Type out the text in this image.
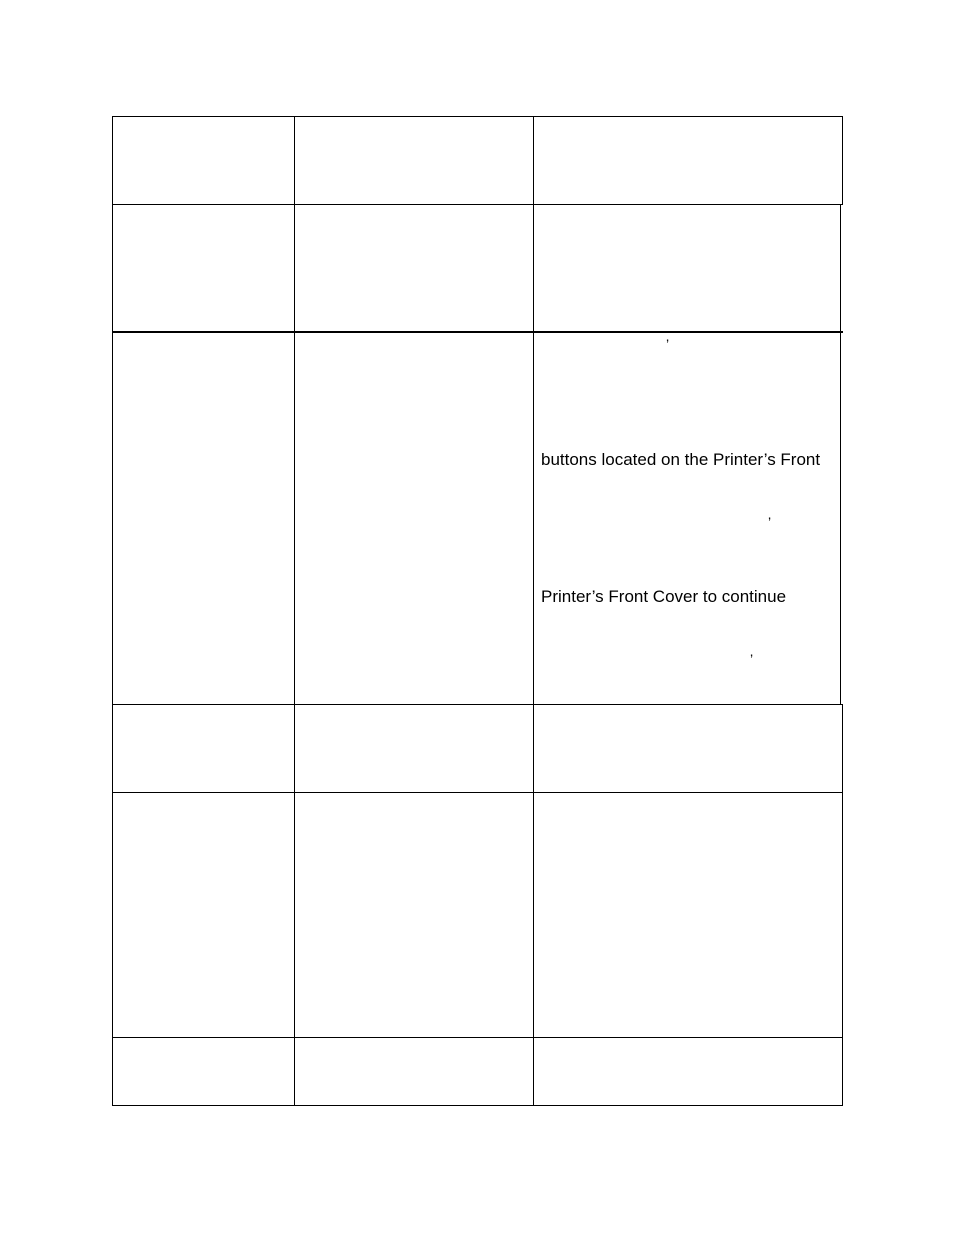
’
buttons located on the Printer’s Front
’
Printer’s Front Cover to continue
’
